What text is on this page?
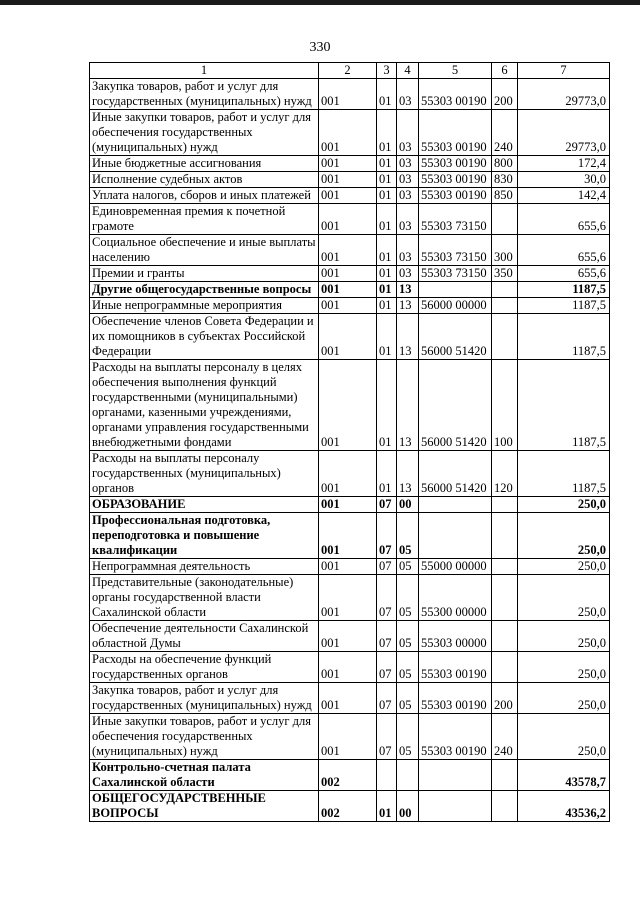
330
1	2	3	4	5	6	7
Закупка товаров, работ и услуг для государственных (муниципальных) нужд	001	01	03	55303 00190	200	29773,0
Иные закупки товаров, работ и услуг для обеспечения государственных (муниципальных) нужд	001	01	03	55303 00190	240	29773,0
Иные бюджетные ассигнования	001	01	03	55303 00190	800	172,4
Исполнение судебных актов	001	01	03	55303 00190	830	30,0
Уплата налогов, сборов и иных платежей	001	01	03	55303 00190	850	142,4
Единовременная премия к почетной грамоте	001	01	03	55303 73150		655,6
Социальное обеспечение и иные выплаты населению	001	01	03	55303 73150	300	655,6
Премии и гранты	001	01	03	55303 73150	350	655,6
Другие общегосударственные вопросы	001	01	13			1187,5
Иные непрограммные мероприятия	001	01	13	56000 00000		1187,5
Обеспечение членов Совета Федерации и их помощников в субъектах Российской Федерации	001	01	13	56000 51420		1187,5
Расходы на выплаты персоналу в целях обеспечения выполнения функций государственными (муниципальными) органами, казенными учреждениями, органами управления государственными внебюджетными фондами	001	01	13	56000 51420	100	1187,5
Расходы на выплаты персоналу государственных (муниципальных) органов	001	01	13	56000 51420	120	1187,5
ОБРАЗОВАНИЕ	001	07	00			250,0
Профессиональная подготовка, переподготовка и повышение квалификации	001	07	05			250,0
Непрограммная деятельность	001	07	05	55000 00000		250,0
Представительные (законодательные) органы государственной власти Сахалинской области	001	07	05	55300 00000		250,0
Обеспечение деятельности Сахалинской областной Думы	001	07	05	55303 00000		250,0
Расходы на обеспечение функций государственных органов	001	07	05	55303 00190		250,0
Закупка товаров, работ и услуг для государственных (муниципальных) нужд	001	07	05	55303 00190	200	250,0
Иные закупки товаров, работ и услуг для обеспечения государственных (муниципальных) нужд	001	07	05	55303 00190	240	250,0
Контрольно-счетная палата Сахалинской области	002					43578,7
ОБЩЕГОСУДАРСТВЕННЫЕ ВОПРОСЫ	002	01	00			43536,2
